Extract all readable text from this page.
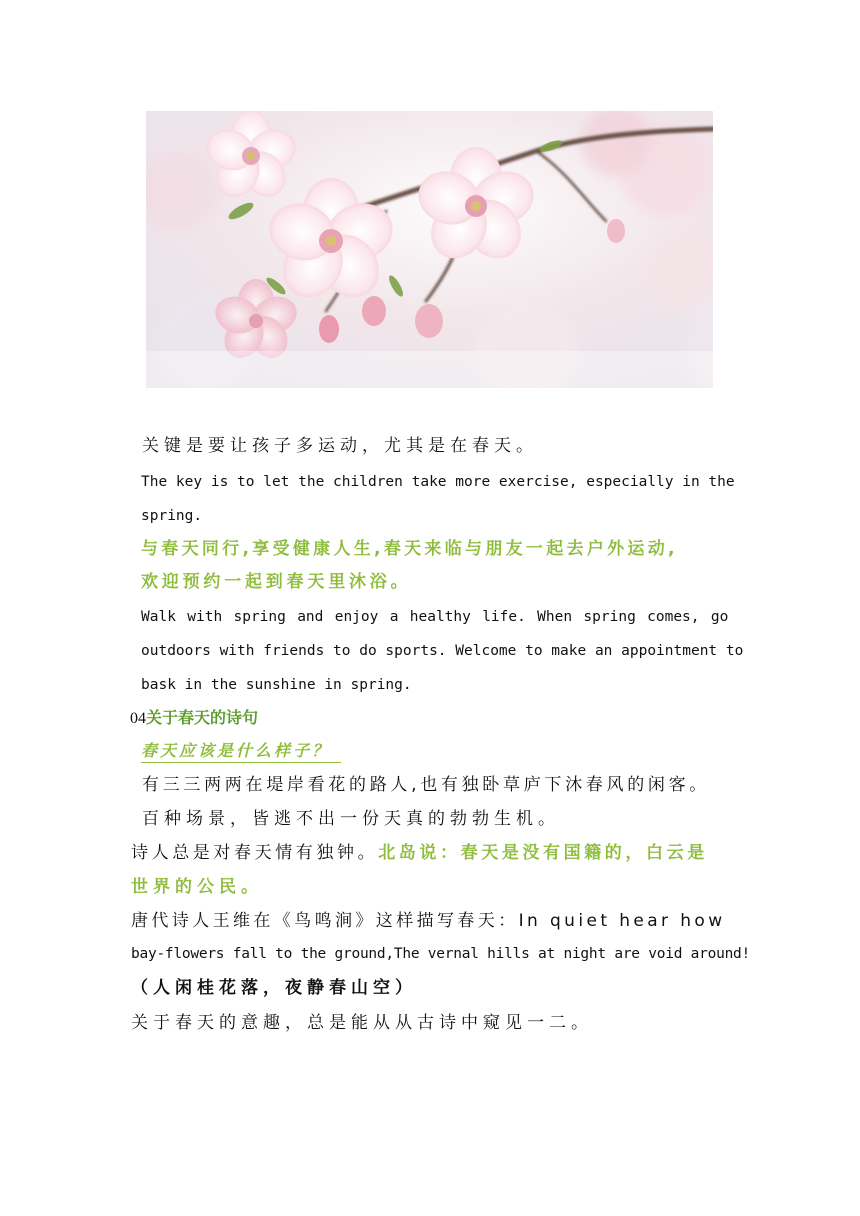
关键是要让孩子多运动，尤其是在春天。
The key is to let the children take more exercise, especially in the
spring.
与春天同行,享受健康人生,春天来临与朋友一起去户外运动,
欢迎预约一起到春天里沐浴。
Walk with spring and enjoy a healthy life. When spring comes, go
outdoors with friends to do sports. Welcome to make an appointment to
bask in the sunshine in spring.
04关于春天的诗句
春天应该是什么样子？
有三三两两在堤岸看花的路人,也有独卧草庐下沐春风的闲客。
百种场景，皆逃不出一份天真的勃勃生机。
诗人总是对春天情有独钟。北岛说：春天是没有国籍的，白云是
世界的公民。
唐代诗人王维在《鸟鸣涧》这样描写春天：In quiet hear how
bay-flowers fall to the ground,The vernal hills at night are void around!
（人闲桂花落，夜静春山空）
关于春天的意趣，总是能从从古诗中窥见一二。
